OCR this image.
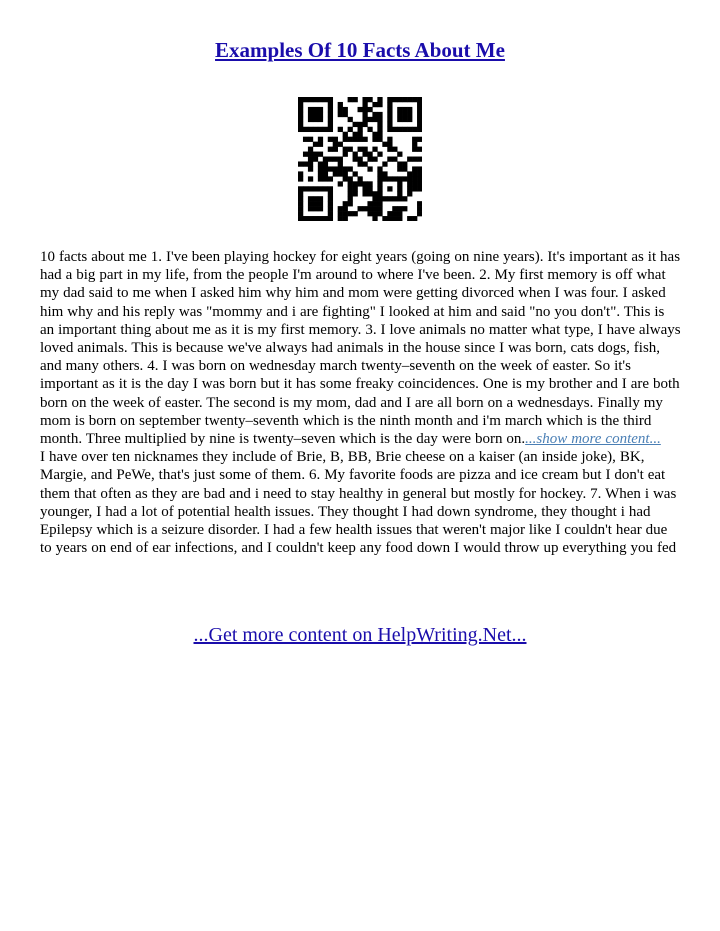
Examples Of 10 Facts About Me
10 facts about me 1. I've been playing hockey for eight years (going on nine years). It's important as it has had a big part in my life, from the people I'm around to where I've been. 2. My first memory is off what my dad said to me when I asked him why him and mom were getting divorced when I was four. I asked him why and his reply was "mommy and i are fighting" I looked at him and said "no you don't". This is an important thing about me as it is my first memory. 3. I love animals no matter what type, I have always loved animals. This is because we've always had animals in the house since I was born, cats dogs, fish, and many others. 4. I was born on wednesday march twenty–seventh on the week of easter. So it's important as it is the day I was born but it has some freaky coincidences. One is my brother and I are both born on the week of easter. The second is my mom, dad and I are all born on a wednesdays. Finally my mom is born on september twenty–seventh which is the ninth month and i'm march which is the third month. Three multiplied by nine is twenty–seven which is the day were born on....show more content...
I have over ten nicknames they include of Brie, B, BB, Brie cheese on a kaiser (an inside joke), BK, Margie, and PeWe, that's just some of them. 6. My favorite foods are pizza and ice cream but I don't eat them that often as they are bad and i need to stay healthy in general but mostly for hockey. 7. When i was younger, I had a lot of potential health issues. They thought I had down syndrome, they thought i had Epilepsy which is a seizure disorder. I had a few health issues that weren't major like I couldn't hear due to years on end of ear infections, and I couldn't keep any food down I would throw up everything you fed
...Get more content on HelpWriting.Net...
